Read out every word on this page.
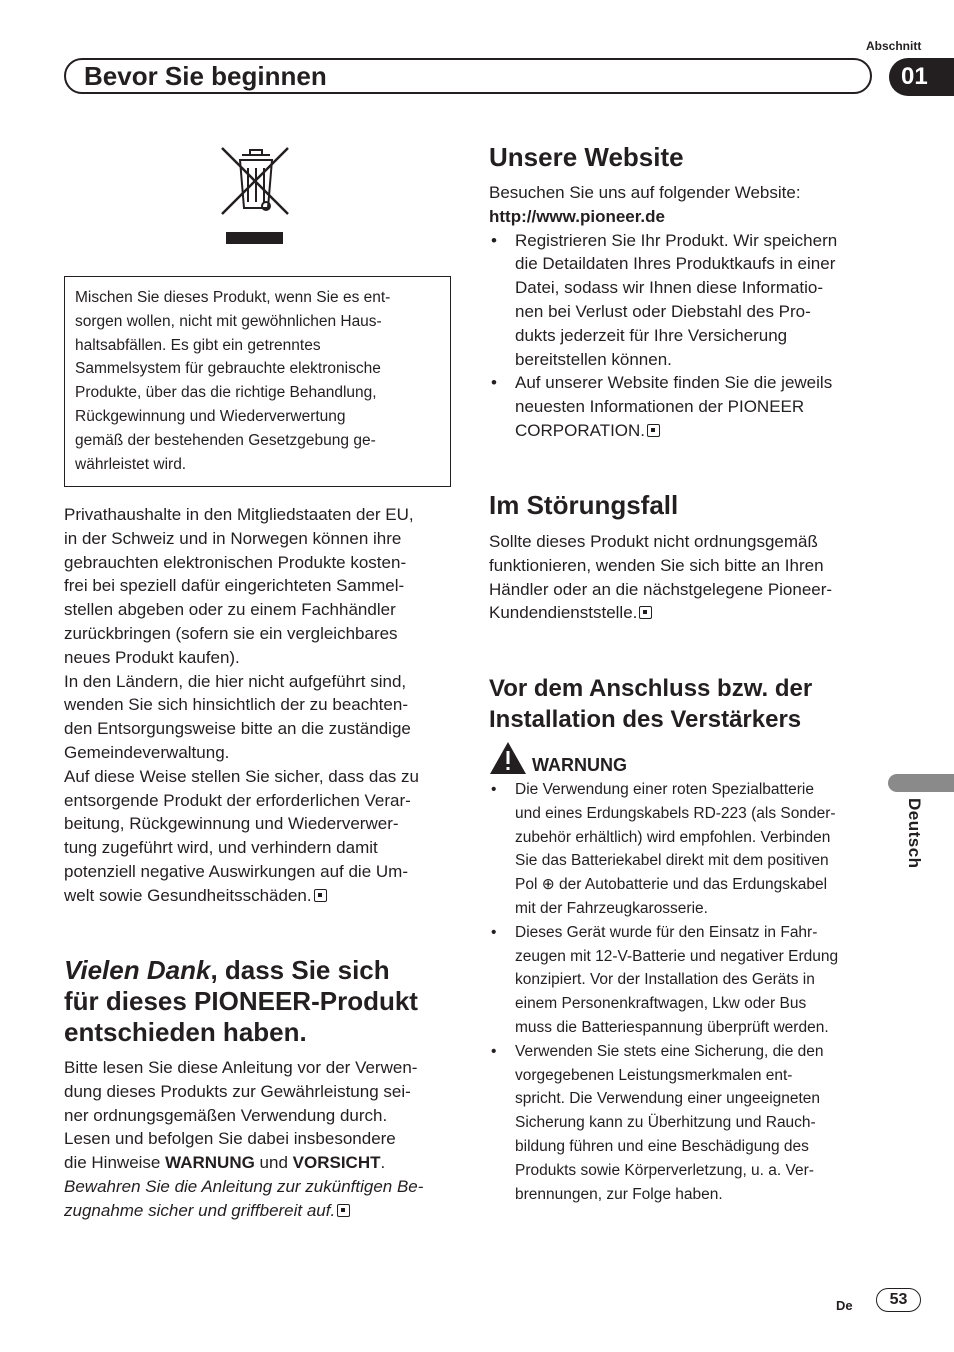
Abschnitt
Bevor Sie beginnen	01
Deutsch
Mischen Sie dieses Produkt, wenn Sie es ent-
sorgen wollen, nicht mit gewöhnlichen Haus-
haltsabfällen. Es gibt ein getrenntes
Sammelsystem für gebrauchte elektronische
Produkte, über das die richtige Behandlung,
Rückgewinnung und Wiederverwertung
gemäß der bestehenden Gesetzgebung ge-
währleistet wird.
Privathaushalte in den Mitgliedstaaten der EU,
in der Schweiz und in Norwegen können ihre
gebrauchten elektronischen Produkte kosten-
frei bei speziell dafür eingerichteten Sammel-
stellen abgeben oder zu einem Fachhändler
zurückbringen (sofern sie ein vergleichbares
neues Produkt kaufen).
In den Ländern, die hier nicht aufgeführt sind,
wenden Sie sich hinsichtlich der zu beachten-
den Entsorgungsweise bitte an die zuständige
Gemeindeverwaltung.
Auf diese Weise stellen Sie sicher, dass das zu
entsorgende Produkt der erforderlichen Verar-
beitung, Rückgewinnung und Wiederverwer-
tung zugeführt wird, und verhindern damit
potenziell negative Auswirkungen auf die Um-
welt sowie Gesundheitsschäden.
Vielen Dank, dass Sie sich
für dieses PIONEER-Produkt
entschieden haben.
Bitte lesen Sie diese Anleitung vor der Verwen-
dung dieses Produkts zur Gewährleistung sei-
ner ordnungsgemäßen Verwendung durch.
Lesen und befolgen Sie dabei insbesondere
die Hinweise WARNUNG und VORSICHT.
Bewahren Sie die Anleitung zur zukünftigen Be-
zugnahme sicher und griffbereit auf.
Unsere Website
Besuchen Sie uns auf folgender Website:
http://www.pioneer.de
• Registrieren Sie Ihr Produkt. Wir speichern
die Detaildaten Ihres Produktkaufs in einer
Datei, sodass wir Ihnen diese Informatio-
nen bei Verlust oder Diebstahl des Pro-
dukts jederzeit für Ihre Versicherung
bereitstellen können.
• Auf unserer Website finden Sie die jeweils
neuesten Informationen der PIONEER
CORPORATION.
Im Störungsfall
Sollte dieses Produkt nicht ordnungsgemäß
funktionieren, wenden Sie sich bitte an Ihren
Händler oder an die nächstgelegene Pioneer-
Kundendienststelle.
Vor dem Anschluss bzw. der
Installation des Verstärkers
WARNUNG
• Die Verwendung einer roten Spezialbatterie
und eines Erdungskabels RD-223 (als Sonder-
zubehör erhältlich) wird empfohlen. Verbinden
Sie das Batteriekabel direkt mit dem positiven
Pol ⊕ der Autobatterie und das Erdungskabel
mit der Fahrzeugkarosserie.
• Dieses Gerät wurde für den Einsatz in Fahr-
zeugen mit 12-V-Batterie und negativer Erdung
konzipiert. Vor der Installation des Geräts in
einem Personenkraftwagen, Lkw oder Bus
muss die Batteriespannung überprüft werden.
• Verwenden Sie stets eine Sicherung, die den
vorgegebenen Leistungsmerkmalen ent-
spricht. Die Verwendung einer ungeeigneten
Sicherung kann zu Überhitzung und Rauch-
bildung führen und eine Beschädigung des
Produkts sowie Körperverletzung, u. a. Ver-
brennungen, zur Folge haben.
De 53
